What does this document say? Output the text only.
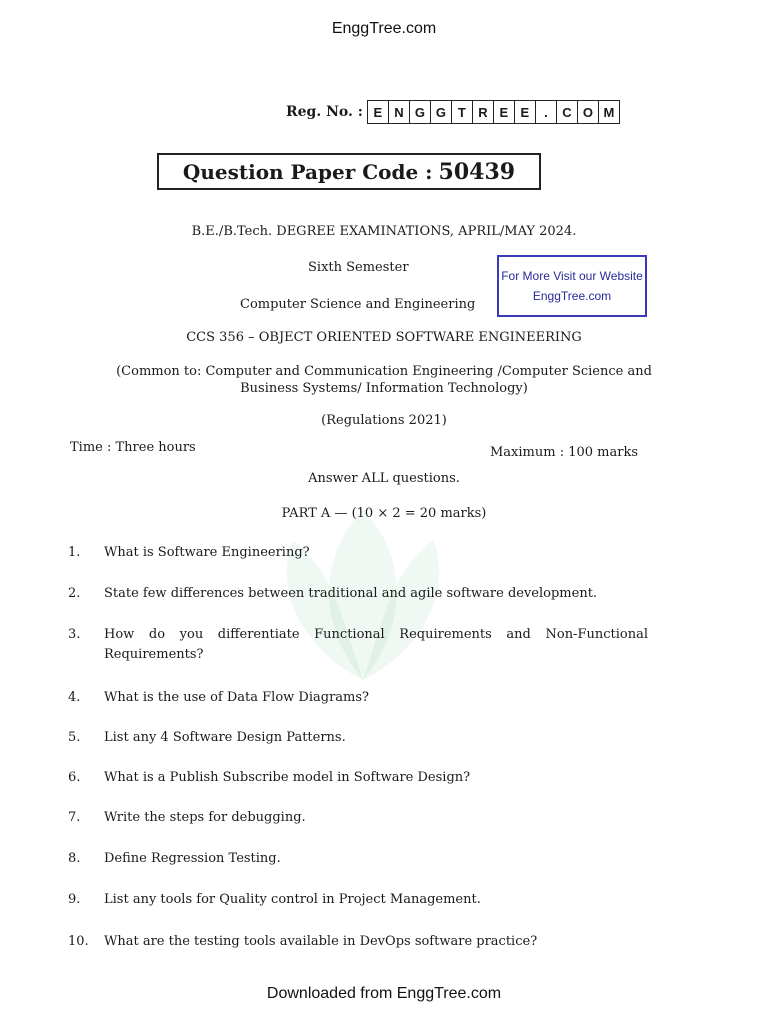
EnggTree.com
Reg. No. : E N G G T R E E	.	C O M
Question Paper Code : 50439
B.E./B.Tech. DEGREE EXAMINATIONS, APRIL/MAY 2024.
Sixth Semester
Computer Science and Engineering
For More Visit our Website
EnggTree.com
CCS 356 – OBJECT ORIENTED SOFTWARE ENGINEERING
(Common to: Computer and Communication Engineering /Computer Science and
Business Systems/ Information Technology)
(Regulations 2021)
Time : Three hours	Maximum : 100 marks
Answer ALL questions.
PART A — (10 × 2 = 20 marks)
1.	What is Software Engineering?
2.	State few differences between traditional and agile software development.
3.	How do you differentiate Functional Requirements and Non-Functional
Requirements?
4.	What is the use of Data Flow Diagrams?
5.	List any 4 Software Design Patterns.
6.	What is a Publish Subscribe model in Software Design?
7.	Write the steps for debugging.
8.	Define Regression Testing.
9.	List any tools for Quality control in Project Management.
10.	What are the testing tools available in DevOps software practice?
Downloaded from EnggTree.com
